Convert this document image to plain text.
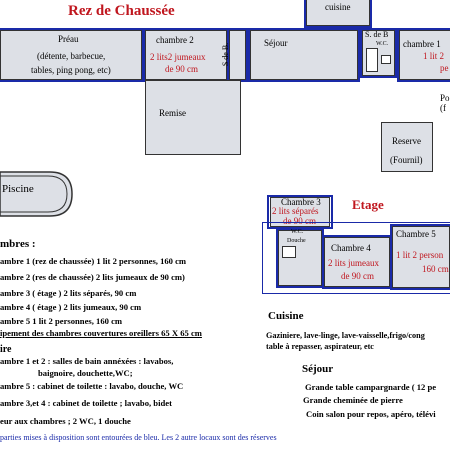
Rez de Chaussée	cuisine
Préau
(détente, barbecue,
tables, ping pong, etc)
chambre 2
2 lits2 jumeaux
de 90 cm
S de B.	Séjour
S. de B
W.C. chambre 1
1 lit 2
pe
Remise
Po
(f
Reserve
(Fournil)
Piscine
Etage
Chambre 3
2 lits séparés
de 90 cm
W.C.
Douche
Chambre 4
2 lits jumeaux
de 90 cm
Chambre 5
1 lit 2 person
160 cm
mbres :
ambre 1 (rez de chaussée) 1 lit 2 personnes, 160 cm
ambre 2 (res de chaussée) 2 lits jumeaux de 90 cm)
ambre 3 ( étage ) 2 lits séparés, 90 cm
ambre 4 ( étage ) 2 lits jumeaux, 90 cm
ambre 5 1 lit 2 personnes, 160 cm
ipement des chambres couvertures oreillers 65 X 65 cm
ire
ambre 1 et 2 : salles de bain annéxées : lavabos,
baignoire, douchette,WC;
ambre 5 : cabinet de toilette : lavabo, douche, WC
ambre 3,et 4 : cabinet de toilette ; lavabo, bidet
eur aux chambres ; 2 WC, 1 douche
Cuisine
Gaziniere, lave-linge, lave-vaisselle,frigo/cong
table à repasser, aspirateur, etc
Séjour
Grande table campargnarde ( 12 pe
Grande cheminée de pierre
Coin salon pour repos, apéro, télévi
parties mises à disposition sont entourées de bleu. Les 2 autre locaux sont des réserves
